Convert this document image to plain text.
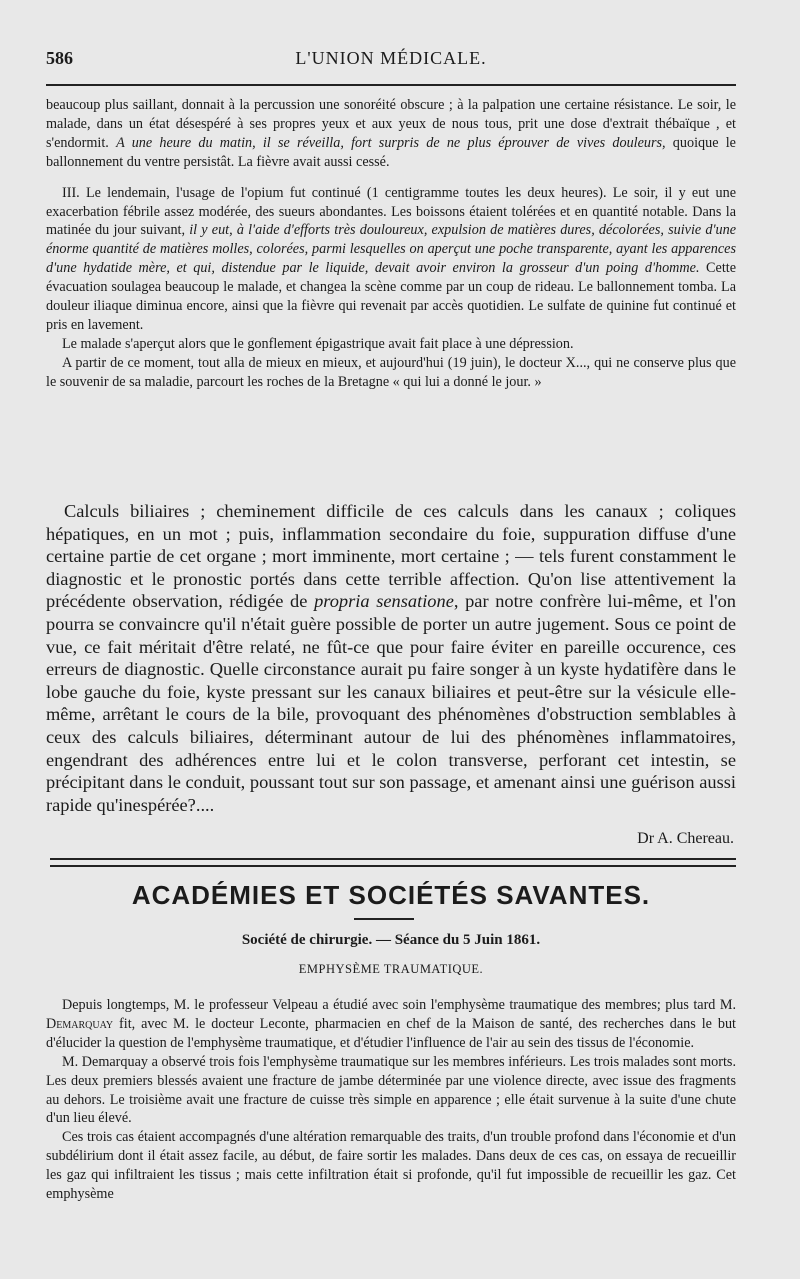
586	L'UNION MÉDICALE.

beaucoup plus saillant, donnait à la percussion une sonoréité obscure ; à la palpation une certaine résistance. Le soir, le malade, dans un état désespéré à ses propres yeux et aux yeux de nous tous, prit une dose d'extrait thébaïque , et s'endormit. A une heure du matin, il se réveilla, fort surpris de ne plus éprouver de vives douleurs, quoique le ballonnement du ventre persistât. La fièvre avait aussi cessé.

III. Le lendemain, l'usage de l'opium fut continué (1 centigramme toutes les deux heures). Le soir, il y eut une exacerbation fébrile assez modérée, des sueurs abondantes. Les boissons étaient tolérées et en quantité notable. Dans la matinée du jour suivant, il y eut, à l'aide d'efforts très douloureux, expulsion de matières dures, décolorées, suivie d'une énorme quantité de matières molles, colorées, parmi lesquelles on aperçut une poche transparente, ayant les apparences d'une hydatide mère, et qui, distendue par le liquide, devait avoir environ la grosseur d'un poing d'homme. Cette évacuation soulagea beaucoup le malade, et changea la scène comme par un coup de rideau. Le ballonnement tomba. La douleur iliaque diminua encore, ainsi que la fièvre qui revenait par accès quotidien. Le sulfate de quinine fut continué et pris en lavement.

Le malade s'aperçut alors que le gonflement épigastrique avait fait place à une dépression.

A partir de ce moment, tout alla de mieux en mieux, et aujourd'hui (19 juin), le docteur X..., qui ne conserve plus que le souvenir de sa maladie, parcourt les roches de la Bretagne « qui lui a donné le jour. »

Calculs biliaires ; cheminement difficile de ces calculs dans les canaux ; coliques hépatiques, en un mot ; puis, inflammation secondaire du foie, suppuration diffuse d'une certaine partie de cet organe ; mort imminente, mort certaine ; — tels furent constamment le diagnostic et le pronostic portés dans cette terrible affection. Qu'on lise attentivement la précédente observation, rédigée de propria sensatione, par notre confrère lui-même, et l'on pourra se convaincre qu'il n'était guère possible de porter un autre jugement. Sous ce point de vue, ce fait méritait d'être relaté, ne fût-ce que pour faire éviter en pareille occurence, ces erreurs de diagnostic. Quelle circonstance aurait pu faire songer à un kyste hydatifère dans le lobe gauche du foie, kyste pressant sur les canaux biliaires et peut-être sur la vésicule elle-même, arrêtant le cours de la bile, provoquant des phénomènes d'obstruction semblables à ceux des calculs biliaires, déterminant autour de lui des phénomènes inflammatoires, engendrant des adhérences entre lui et le colon transverse, perforant cet intestin, se précipitant dans le conduit, poussant tout sur son passage, et amenant ainsi une guérison aussi rapide qu'inespérée?....

Dr A. Chereau.
ACADÉMIES ET SOCIÉTÉS SAVANTES.
Société de chirurgie. — Séance du 5 Juin 1861.
EMPHYSÈME TRAUMATIQUE.

Depuis longtemps, M. le professeur Velpeau a étudié avec soin l'emphysème traumatique des membres; plus tard M. Demarquay fit, avec M. le docteur Leconte, pharmacien en chef de la Maison de santé, des recherches dans le but d'élucider la question de l'emphysème traumatique, et d'étudier l'influence de l'air au sein des tissus de l'économie.

M. Demarquay a observé trois fois l'emphysème traumatique sur les membres inférieurs. Les trois malades sont morts. Les deux premiers blessés avaient une fracture de jambe déterminée par une violence directe, avec issue des fragments au dehors. Le troisième avait une fracture de cuisse très simple en apparence ; elle était survenue à la suite d'une chute d'un lieu élevé.

Ces trois cas étaient accompagnés d'une altération remarquable des traits, d'un trouble profond dans l'économie et d'un subdélirium dont il était assez facile, au début, de faire sortir les malades. Dans deux de ces cas, on essaya de recueillir les gaz qui infiltraient les tissus ; mais cette infiltration était si profonde, qu'il fut impossible de recueillir les gaz. Cet emphysème
